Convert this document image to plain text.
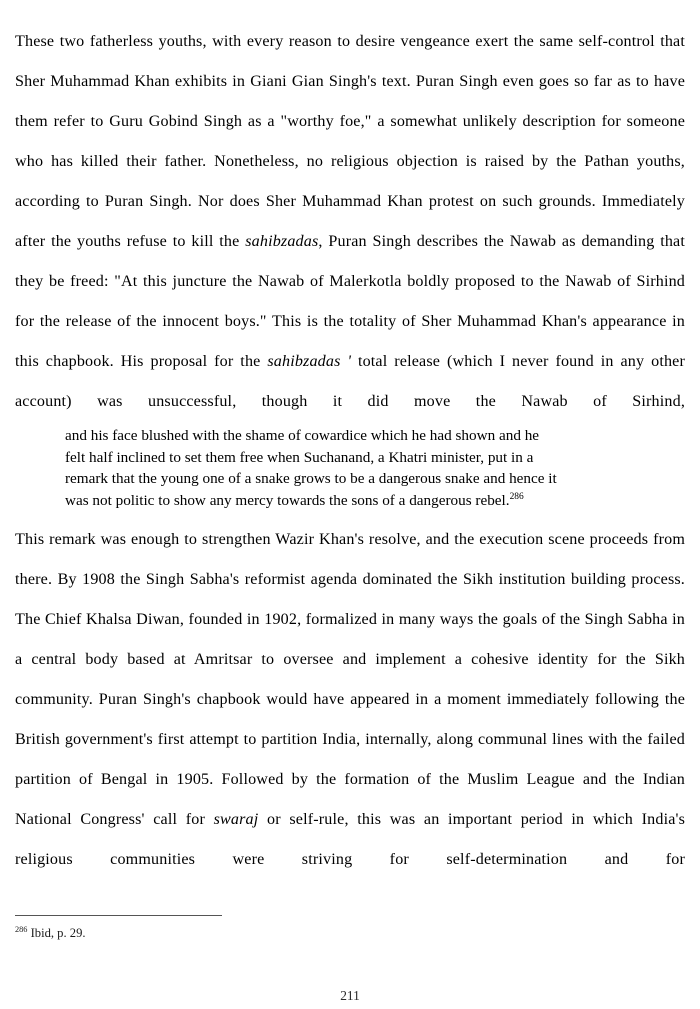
These two fatherless youths, with every reason to desire vengeance exert the same self-control that Sher Muhammad Khan exhibits in Giani Gian Singh's text. Puran Singh even goes so far as to have them refer to Guru Gobind Singh as a "worthy foe," a somewhat unlikely description for someone who has killed their father. Nonetheless, no religious objection is raised by the Pathan youths, according to Puran Singh. Nor does Sher Muhammad Khan protest on such grounds. Immediately after the youths refuse to kill the sahibzadas, Puran Singh describes the Nawab as demanding that they be freed: "At this juncture the Nawab of Malerkotla boldly proposed to the Nawab of Sirhind for the release of the innocent boys." This is the totality of Sher Muhammad Khan's appearance in this chapbook. His proposal for the sahibzadas ' total release (which I never found in any other account) was unsuccessful, though it did move the Nawab of Sirhind,

and his face blushed with the shame of cowardice which he had shown and he
felt half inclined to set them free when Suchanand, a Khatri minister, put in a
remark that the young one of a snake grows to be a dangerous snake and hence it
was not politic to show any mercy towards the sons of a dangerous rebel.$^{286}$

This remark was enough to strengthen Wazir Khan's resolve, and the execution scene proceeds from there. By 1908 the Singh Sabha's reformist agenda dominated the Sikh institution building process. The Chief Khalsa Diwan, founded in 1902, formalized in many ways the goals of the Singh Sabha in a central body based at Amritsar to oversee and implement a cohesive identity for the Sikh community. Puran Singh's chapbook would have appeared in a moment immediately following the British government's first attempt to partition India, internally, along communal lines with the failed partition of Bengal in 1905. Followed by the formation of the Muslim League and the Indian National Congress' call for swaraj or self-rule, this was an important period in which India's religious communities were striving for self-determination and for

$^{286}$ Ibid, p. 29.

211
